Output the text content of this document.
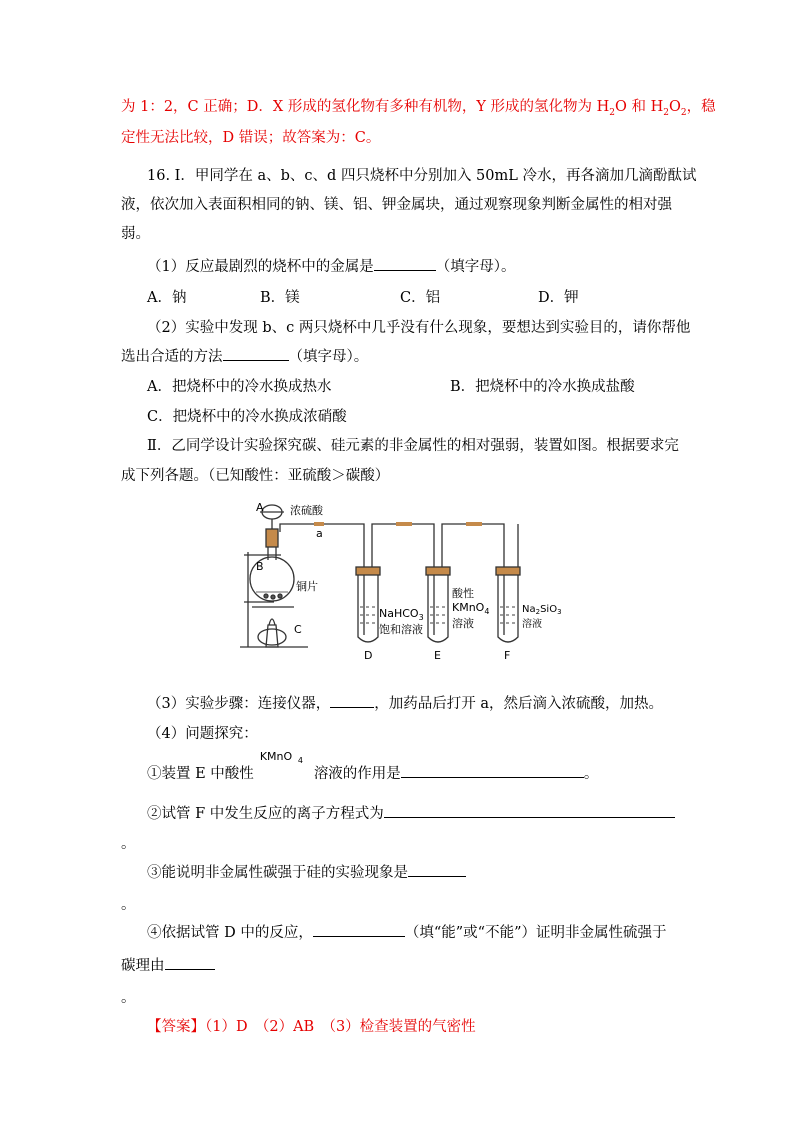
为 1：2，C 正确；D．X 形成的氢化物有多种有机物，Y 形成的氢化物为 $H_2O$ 和 $H_2O_2$，稳
定性无法比较，D 错误；故答案为：C。
16. I．甲同学在 a、b、c、d 四只烧杯中分别加入 50mL 冷水，再各滴加几滴酚酞试
液，依次加入表面积相同的钠、镁、铝、钾金属块，通过观察现象判断金属性的相对强
弱。
（1）反应最剧烈的烧杯中的金属是	（填字母）。
A．钠	B．镁	C．铝	D．钾
（2）实验中发现 b、c 两只烧杯中几乎没有什么现象，要想达到实验目的，请你帮他
选出合适的方法	（填字母）。
A．把烧杯中的冷水换成热水	B．把烧杯中的冷水换成盐酸
C．把烧杯中的冷水换成浓硝酸
Ⅱ．乙同学设计实验探究碳、硅元素的非金属性的相对强弱，装置如图。根据要求完
成下列各题。（已知酸性：亚硫酸＞碳酸）
A 浓硫酸
a
B
铜片
C
NaHCO$_3$
饱和溶液
D
酸性
KMnO$_4$
溶液
E
$Na_2SiO_3$
溶液
F
（3）实验步骤：连接仪器，	，加药品后打开 a，然后滴入浓硫酸，加热。
（4）问题探究：
①装置 E 中酸性
KMnO 4
溶液的作用是	。
②试管 F 中发生反应的离子方程式为
。
③能说明非金属性碳强于硅的实验现象是
。
④依据试管 D 中的反应，	（填“能”或“不能”）证明非金属性硫强于
碳理由
。
【答案】（1）D　（2）AB　（3）检查装置的气密性
